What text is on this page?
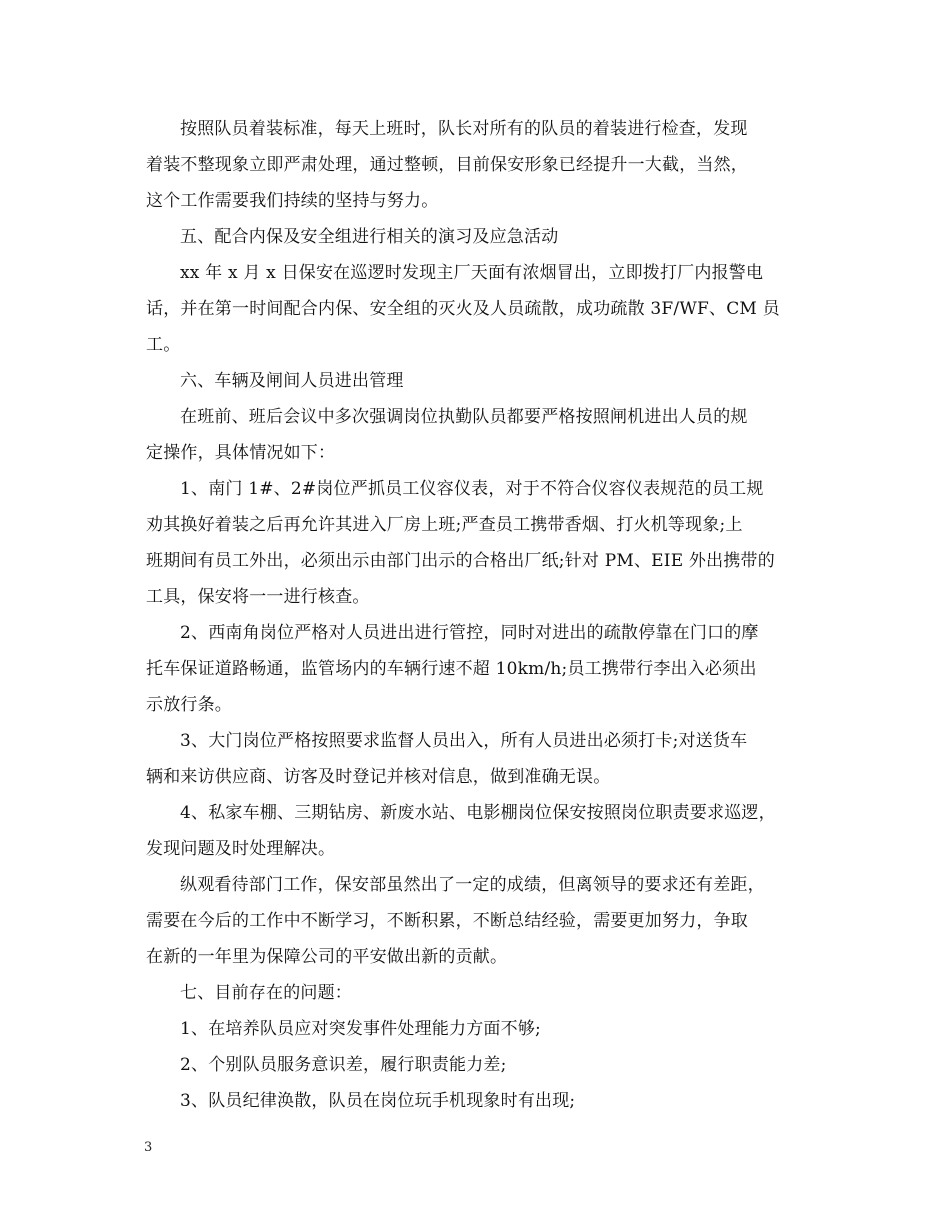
按照队员着装标准，每天上班时，队长对所有的队员的着装进行检查，发现
着装不整现象立即严肃处理，通过整顿，目前保安形象已经提升一大截，当然，
这个工作需要我们持续的坚持与努力。
五、配合内保及安全组进行相关的演习及应急活动
xx 年 x 月 x 日保安在巡逻时发现主厂天面有浓烟冒出，立即拨打厂内报警电
话，并在第一时间配合内保、安全组的灭火及人员疏散，成功疏散 3F/WF、CM 员
工。
六、车辆及闸间人员进出管理
在班前、班后会议中多次强调岗位执勤队员都要严格按照闸机进出人员的规
定操作，具体情况如下：
1、南门 1#、2#岗位严抓员工仪容仪表，对于不符合仪容仪表规范的员工规
劝其换好着装之后再允许其进入厂房上班;严查员工携带香烟、打火机等现象;上
班期间有员工外出，必须出示由部门出示的合格出厂纸;针对 PM、EIE 外出携带的
工具，保安将一一进行核查。
2、西南角岗位严格对人员进出进行管控，同时对进出的疏散停靠在门口的摩
托车保证道路畅通，监管场内的车辆行速不超 10km/h;员工携带行李出入必须出
示放行条。
3、大门岗位严格按照要求监督人员出入，所有人员进出必须打卡;对送货车
辆和来访供应商、访客及时登记并核对信息，做到准确无误。
4、私家车棚、三期钻房、新废水站、电影棚岗位保安按照岗位职责要求巡逻，
发现问题及时处理解决。
纵观看待部门工作，保安部虽然出了一定的成绩，但离领导的要求还有差距，
需要在今后的工作中不断学习，不断积累，不断总结经验，需要更加努力，争取
在新的一年里为保障公司的平安做出新的贡献。
七、目前存在的问题：
1、在培养队员应对突发事件处理能力方面不够;
2、个别队员服务意识差，履行职责能力差;
3、队员纪律涣散，队员在岗位玩手机现象时有出现;
3
